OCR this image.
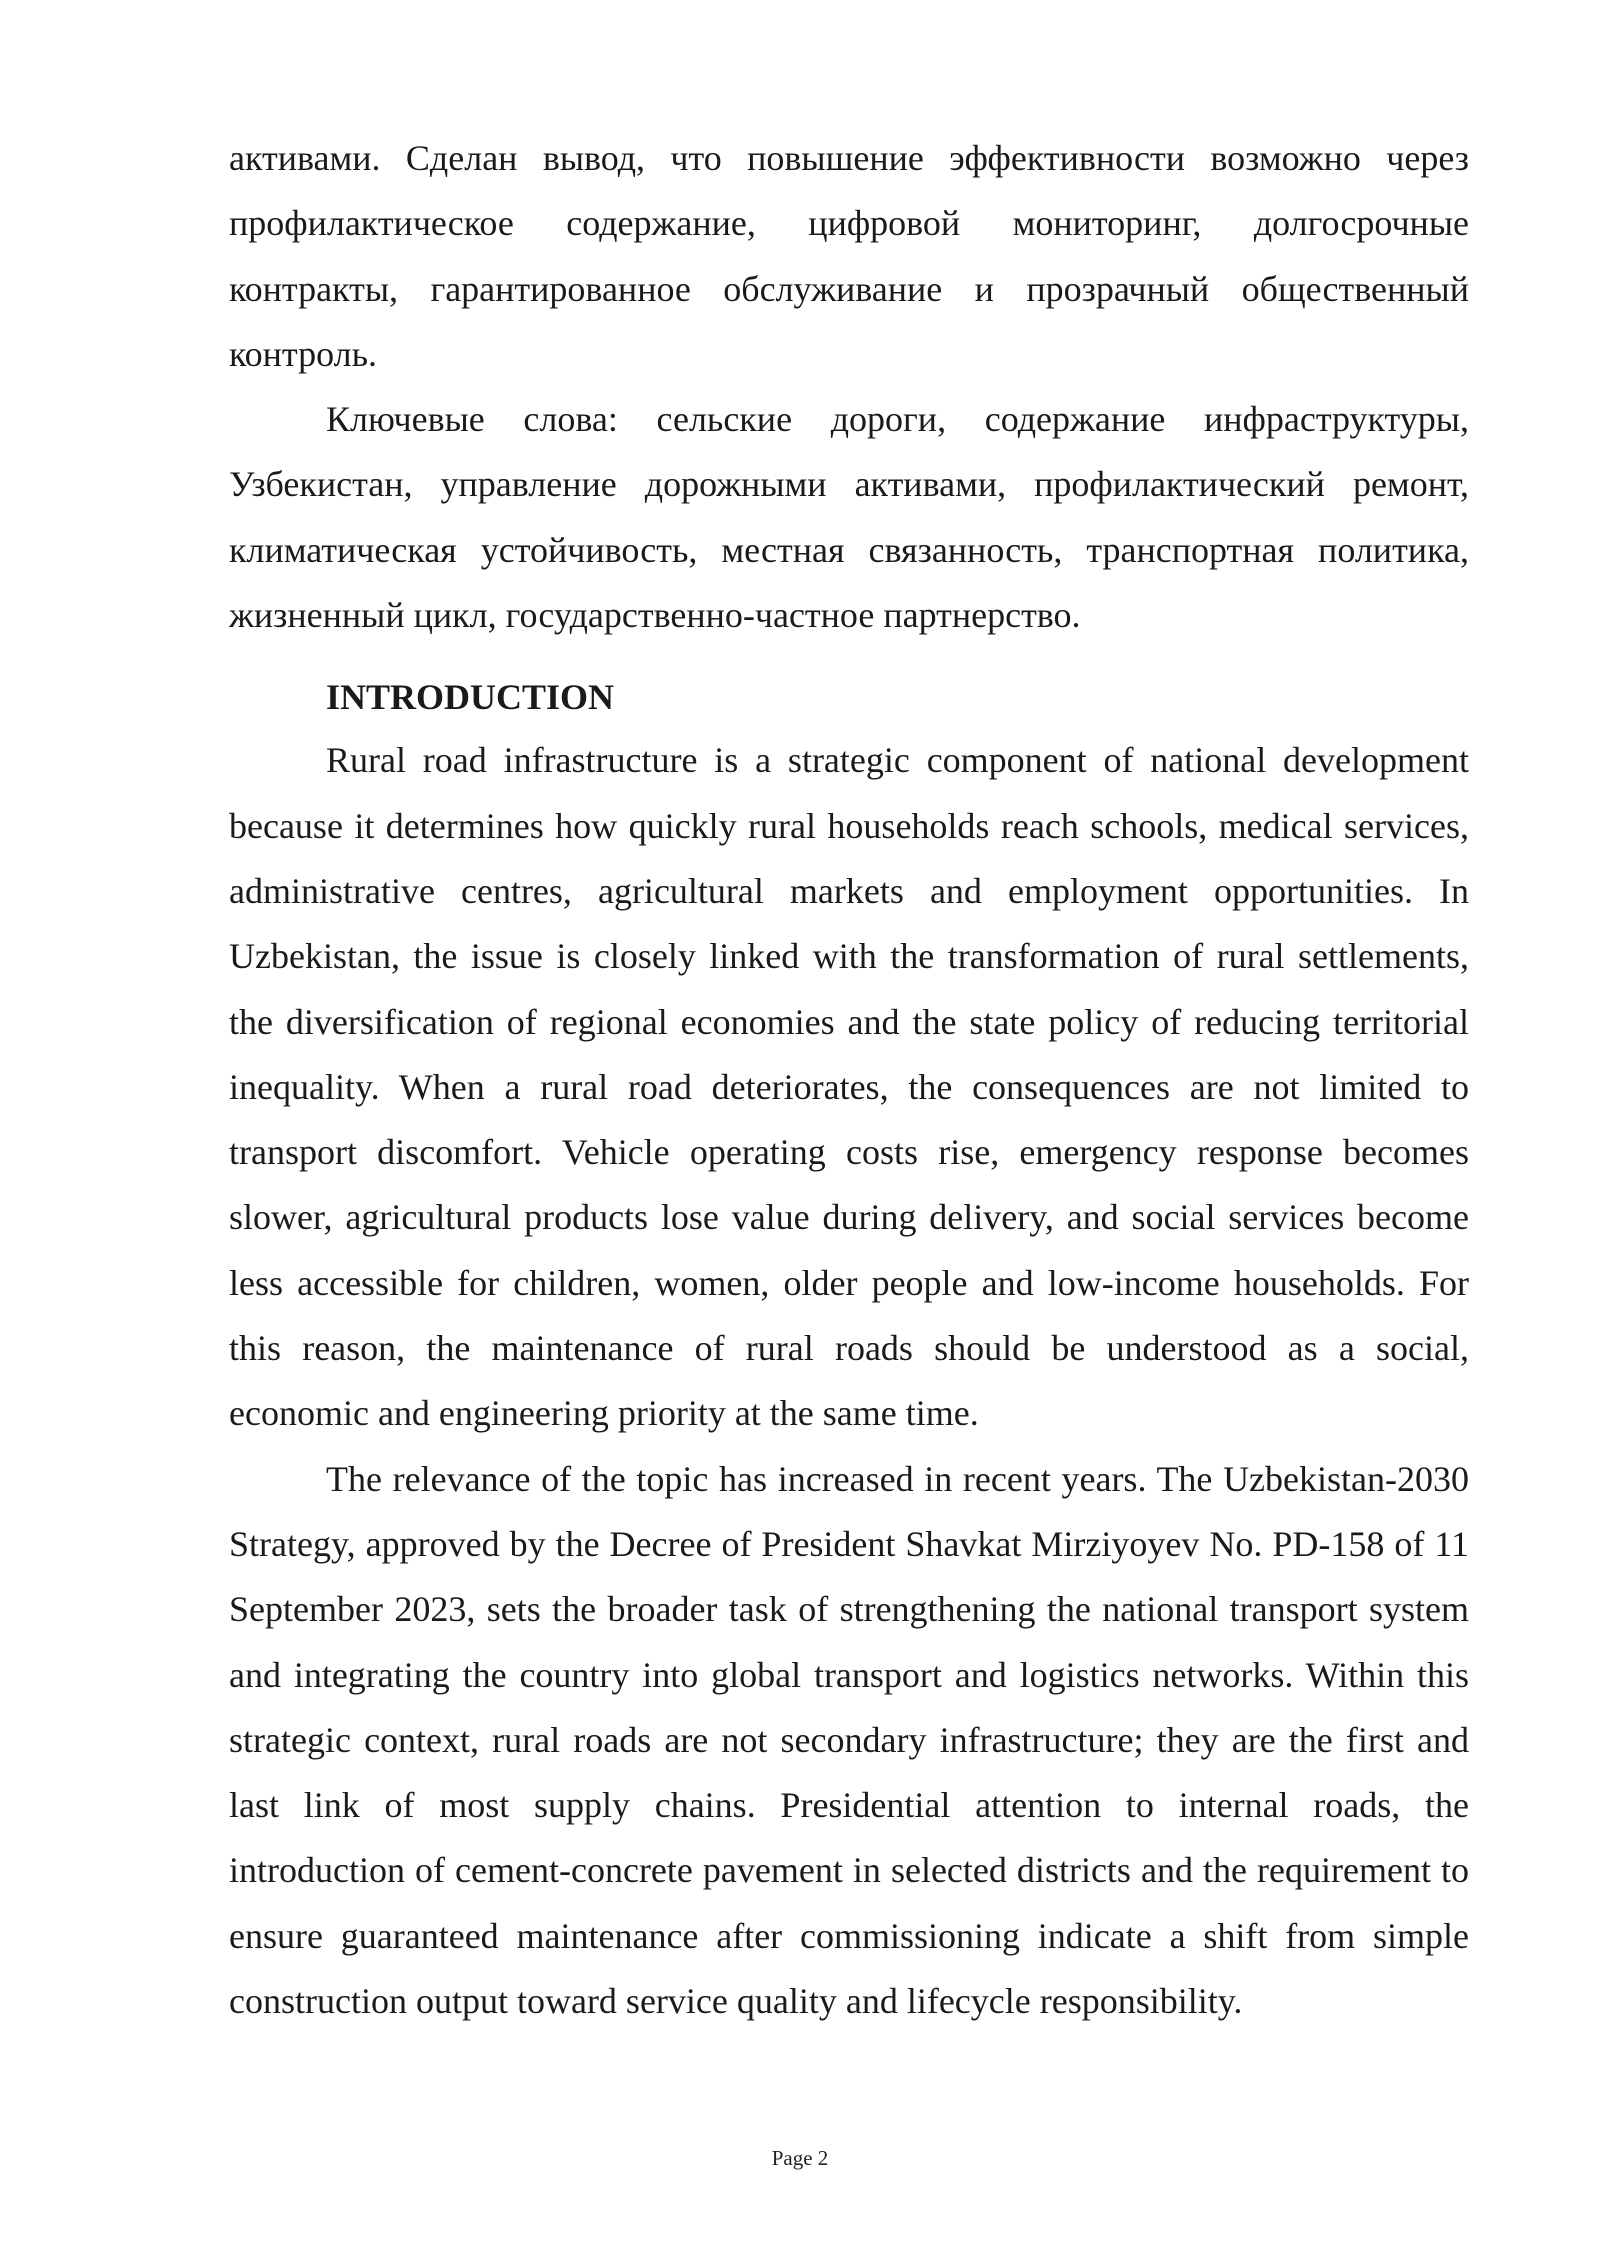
активами. Сделан вывод, что повышение эффективности возможно через профилактическое содержание, цифровой мониторинг, долгосрочные контракты, гарантированное обслуживание и прозрачный общественный контроль.

Ключевые слова: сельские дороги, содержание инфраструктуры, Узбекистан, управление дорожными активами, профилактический ремонт, климатическая устойчивость, местная связанность, транспортная политика, жизненный цикл, государственно-частное партнерство.

INTRODUCTION

Rural road infrastructure is a strategic component of national development because it determines how quickly rural households reach schools, medical services, administrative centres, agricultural markets and employment opportunities. In Uzbekistan, the issue is closely linked with the transformation of rural settlements, the diversification of regional economies and the state policy of reducing territorial inequality. When a rural road deteriorates, the consequences are not limited to transport discomfort. Vehicle operating costs rise, emergency response becomes slower, agricultural products lose value during delivery, and social services become less accessible for children, women, older people and low-income households. For this reason, the maintenance of rural roads should be understood as a social, economic and engineering priority at the same time.

The relevance of the topic has increased in recent years. The Uzbekistan-2030 Strategy, approved by the Decree of President Shavkat Mirziyoyev No. PD-158 of 11 September 2023, sets the broader task of strengthening the national transport system and integrating the country into global transport and logistics networks. Within this strategic context, rural roads are not secondary infrastructure; they are the first and last link of most supply chains. Presidential attention to internal roads, the introduction of cement-concrete pavement in selected districts and the requirement to ensure guaranteed maintenance after commissioning indicate a shift from simple construction output toward service quality and lifecycle responsibility.

Page 2
